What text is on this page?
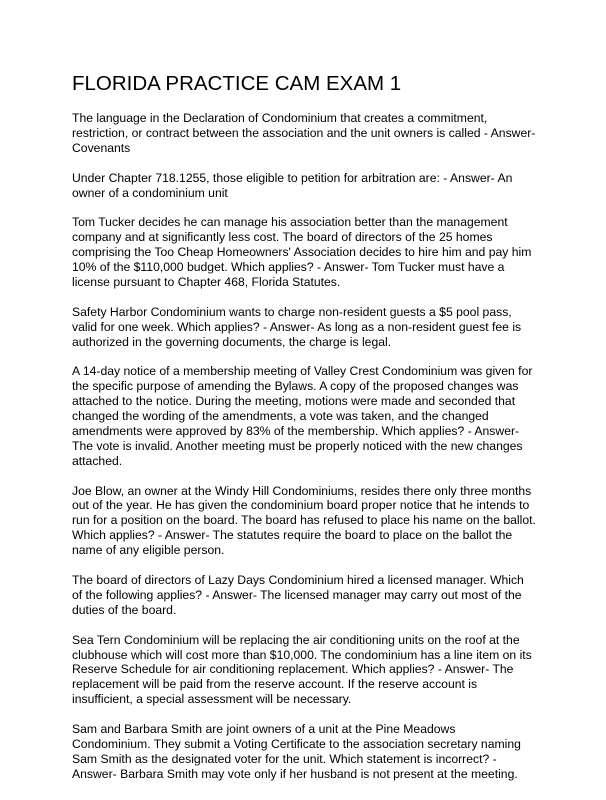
FLORIDA PRACTICE CAM EXAM 1

The language in the Declaration of Condominium that creates a commitment, restriction, or contract between the association and the unit owners is called - Answer- Covenants

Under Chapter 718.1255, those eligible to petition for arbitration are: - Answer- An owner of a condominium unit

Tom Tucker decides he can manage his association better than the management company and at significantly less cost. The board of directors of the 25 homes comprising the Too Cheap Homeowners' Association decides to hire him and pay him 10% of the $110,000 budget. Which applies? - Answer- Tom Tucker must have a license pursuant to Chapter 468, Florida Statutes.

Safety Harbor Condominium wants to charge non-resident guests a $5 pool pass, valid for one week. Which applies? - Answer- As long as a non-resident guest fee is authorized in the governing documents, the charge is legal.

A 14-day notice of a membership meeting of Valley Crest Condominium was given for the specific purpose of amending the Bylaws. A copy of the proposed changes was attached to the notice. During the meeting, motions were made and seconded that changed the wording of the amendments, a vote was taken, and the changed amendments were approved by 83% of the membership. Which applies? - Answer- The vote is invalid. Another meeting must be properly noticed with the new changes attached.

Joe Blow, an owner at the Windy Hill Condominiums, resides there only three months out of the year. He has given the condominium board proper notice that he intends to run for a position on the board. The board has refused to place his name on the ballot. Which applies? - Answer- The statutes require the board to place on the ballot the name of any eligible person.

The board of directors of Lazy Days Condominium hired a licensed manager. Which of the following applies? - Answer- The licensed manager may carry out most of the duties of the board.

Sea Tern Condominium will be replacing the air conditioning units on the roof at the clubhouse which will cost more than $10,000. The condominium has a line item on its Reserve Schedule for air conditioning replacement. Which applies? - Answer- The replacement will be paid from the reserve account. If the reserve account is insufficient, a special assessment will be necessary.

Sam and Barbara Smith are joint owners of a unit at the Pine Meadows Condominium. They submit a Voting Certificate to the association secretary naming Sam Smith as the designated voter for the unit. Which statement is incorrect? - Answer- Barbara Smith may vote only if her husband is not present at the meeting.
